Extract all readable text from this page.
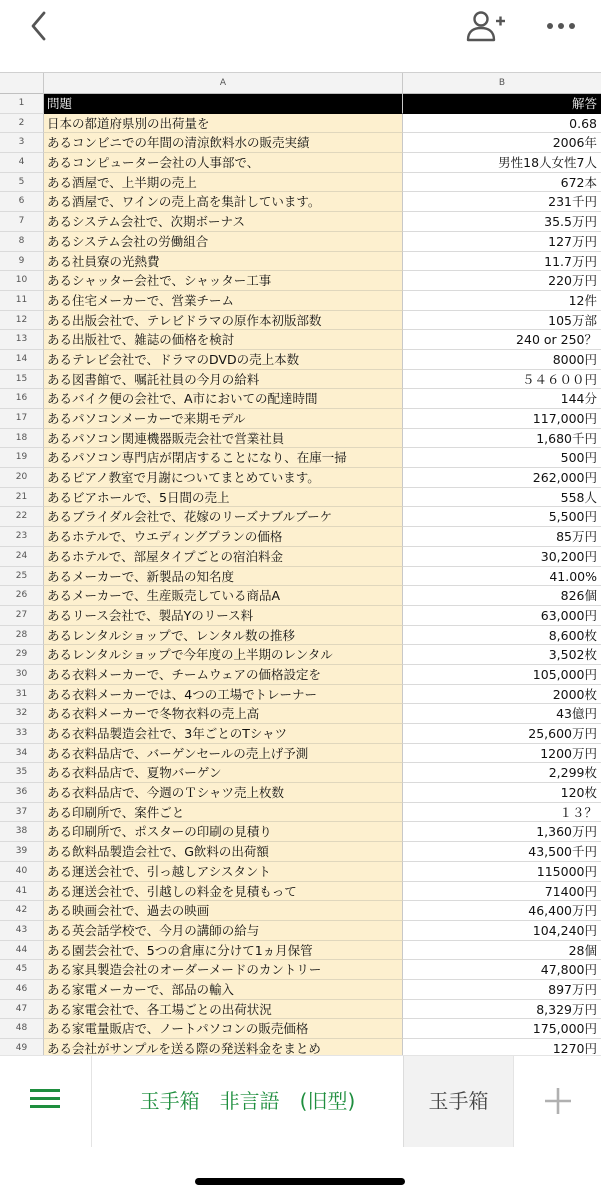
A	B
1	問題	解答
2	日本の都道府県別の出荷量を	0.68
3	あるコンビニでの年間の清涼飲料水の販売実績	2006年
4	あるコンピューター会社の人事部で、	男性18人女性7人
5	ある酒屋で、上半期の売上	672本
6	ある酒屋で、ワインの売上高を集計しています。	231千円
7	あるシステム会社で、次期ボーナス	35.5万円
8	あるシステム会社の労働組合	127万円
9	ある社員寮の光熱費	11.7万円
10	あるシャッター会社で、シャッター工事	220万円
11	ある住宅メーカーで、営業チーム	12件
12	ある出版会社で、テレビドラマの原作本初版部数	105万部
13	ある出版社で、雑誌の価格を検討	240 or 250？
14	あるテレビ会社で、ドラマのDVDの売上本数	8000円
15	ある図書館で、嘱託社員の今月の給料	５４６００円
16	あるバイク便の会社で、A市においての配達時間	144分
17	あるパソコンメーカーで来期モデル	117,000円
18	あるパソコン関連機器販売会社で営業社員	1,680千円
19	あるパソコン専門店が閉店することになり、在庫一掃	500円
20	あるピアノ教室で月謝についてまとめています。	262,000円
21	あるビアホールで、5日間の売上	558人
22	あるブライダル会社で、花嫁のリーズナブルブーケ	5,500円
23	あるホテルで、ウエディングプランの価格	85万円
24	あるホテルで、部屋タイプごとの宿泊料金	30,200円
25	あるメーカーで、新製品の知名度	41.00%
26	あるメーカーで、生産販売している商品A	826個
27	あるリース会社で、製品Yのリース料	63,000円
28	あるレンタルショップで、レンタル数の推移	8,600枚
29	あるレンタルショップで今年度の上半期のレンタル	3,502枚
30	ある衣料メーカーで、チームウェアの価格設定を	105,000円
31	ある衣料メーカーでは、4つの工場でトレーナー	2000枚
32	ある衣料メーカーで冬物衣料の売上高	43億円
33	ある衣料品製造会社で、3年ごとのTシャツ	25,600万円
34	ある衣料品店で、バーゲンセールの売上げ予測	1200万円
35	ある衣料品店で、夏物バーゲン	2,299枚
36	ある衣料品店で、今週のＴシャツ売上枚数	120枚
37	ある印刷所で、案件ごと	１３？
38	ある印刷所で、ポスターの印刷の見積り	1,360万円
39	ある飲料品製造会社で、G飲料の出荷額	43,500千円
40	ある運送会社で、引っ越しアシスタント	115000円
41	ある運送会社で、引越しの料金を見積もって	71400円
42	ある映画会社で、過去の映画	46,400万円
43	ある英会話学校で、今月の講師の給与	104,240円
44	ある園芸会社で、5つの倉庫に分けて1ヵ月保管	28個
45	ある家具製造会社のオーダーメードのカントリー	47,800円
46	ある家電メーカーで、部品の輸入	897万円
47	ある家電会社で、各工場ごとの出荷状況	8,329万円
48	ある家電量販店で、ノートパソコンの販売価格	175,000円
49	ある会社がサンプルを送る際の発送料金をまとめ	1270円
玉手箱　非言語　(旧型)	玉手箱
